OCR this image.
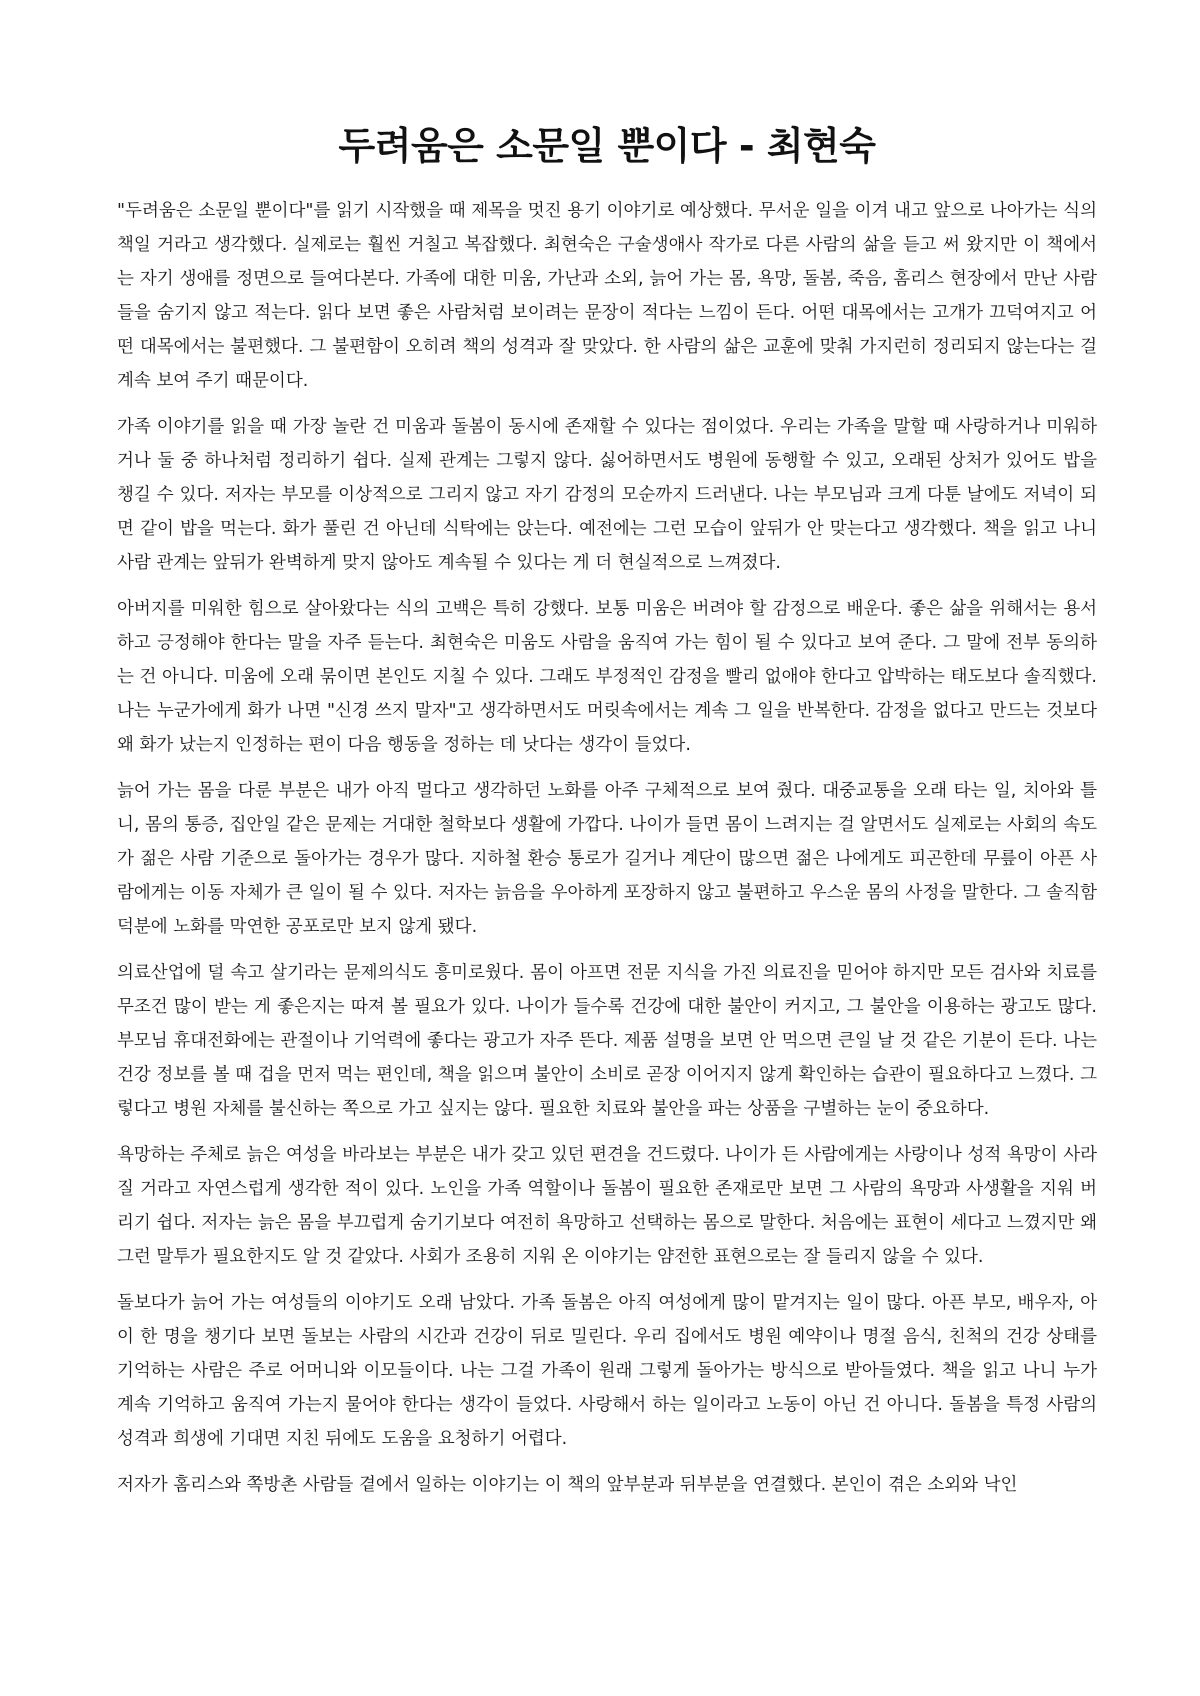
두려움은 소문일 뿐이다 - 최현숙

"두려움은 소문일 뿐이다"를 읽기 시작했을 때 제목을 멋진 용기 이야기로 예상했다. 무서운 일을 이겨 내고 앞으로 나아가는 식의 책일 거라고 생각했다. 실제로는 훨씬 거칠고 복잡했다. 최현숙은 구술생애사 작가로 다른 사람의 삶을 듣고 써 왔지만 이 책에서는 자기 생애를 정면으로 들여다본다. 가족에 대한 미움, 가난과 소외, 늙어 가는 몸, 욕망, 돌봄, 죽음, 홈리스 현장에서 만난 사람들을 숨기지 않고 적는다. 읽다 보면 좋은 사람처럼 보이려는 문장이 적다는 느낌이 든다. 어떤 대목에서는 고개가 끄덕여지고 어떤 대목에서는 불편했다. 그 불편함이 오히려 책의 성격과 잘 맞았다. 한 사람의 삶은 교훈에 맞춰 가지런히 정리되지 않는다는 걸 계속 보여 주기 때문이다.

가족 이야기를 읽을 때 가장 놀란 건 미움과 돌봄이 동시에 존재할 수 있다는 점이었다. 우리는 가족을 말할 때 사랑하거나 미워하거나 둘 중 하나처럼 정리하기 쉽다. 실제 관계는 그렇지 않다. 싫어하면서도 병원에 동행할 수 있고, 오래된 상처가 있어도 밥을 챙길 수 있다. 저자는 부모를 이상적으로 그리지 않고 자기 감정의 모순까지 드러낸다. 나는 부모님과 크게 다툰 날에도 저녁이 되면 같이 밥을 먹는다. 화가 풀린 건 아닌데 식탁에는 앉는다. 예전에는 그런 모습이 앞뒤가 안 맞는다고 생각했다. 책을 읽고 나니 사람 관계는 앞뒤가 완벽하게 맞지 않아도 계속될 수 있다는 게 더 현실적으로 느껴졌다.

아버지를 미워한 힘으로 살아왔다는 식의 고백은 특히 강했다. 보통 미움은 버려야 할 감정으로 배운다. 좋은 삶을 위해서는 용서하고 긍정해야 한다는 말을 자주 듣는다. 최현숙은 미움도 사람을 움직여 가는 힘이 될 수 있다고 보여 준다. 그 말에 전부 동의하는 건 아니다. 미움에 오래 묶이면 본인도 지칠 수 있다. 그래도 부정적인 감정을 빨리 없애야 한다고 압박하는 태도보다 솔직했다. 나는 누군가에게 화가 나면 "신경 쓰지 말자"고 생각하면서도 머릿속에서는 계속 그 일을 반복한다. 감정을 없다고 만드는 것보다 왜 화가 났는지 인정하는 편이 다음 행동을 정하는 데 낫다는 생각이 들었다.

늙어 가는 몸을 다룬 부분은 내가 아직 멀다고 생각하던 노화를 아주 구체적으로 보여 줬다. 대중교통을 오래 타는 일, 치아와 틀니, 몸의 통증, 집안일 같은 문제는 거대한 철학보다 생활에 가깝다. 나이가 들면 몸이 느려지는 걸 알면서도 실제로는 사회의 속도가 젊은 사람 기준으로 돌아가는 경우가 많다. 지하철 환승 통로가 길거나 계단이 많으면 젊은 나에게도 피곤한데 무릎이 아픈 사람에게는 이동 자체가 큰 일이 될 수 있다. 저자는 늙음을 우아하게 포장하지 않고 불편하고 우스운 몸의 사정을 말한다. 그 솔직함 덕분에 노화를 막연한 공포로만 보지 않게 됐다.

의료산업에 덜 속고 살기라는 문제의식도 흥미로웠다. 몸이 아프면 전문 지식을 가진 의료진을 믿어야 하지만 모든 검사와 치료를 무조건 많이 받는 게 좋은지는 따져 볼 필요가 있다. 나이가 들수록 건강에 대한 불안이 커지고, 그 불안을 이용하는 광고도 많다. 부모님 휴대전화에는 관절이나 기억력에 좋다는 광고가 자주 뜬다. 제품 설명을 보면 안 먹으면 큰일 날 것 같은 기분이 든다. 나는 건강 정보를 볼 때 겁을 먼저 먹는 편인데, 책을 읽으며 불안이 소비로 곧장 이어지지 않게 확인하는 습관이 필요하다고 느꼈다. 그렇다고 병원 자체를 불신하는 쪽으로 가고 싶지는 않다. 필요한 치료와 불안을 파는 상품을 구별하는 눈이 중요하다.

욕망하는 주체로 늙은 여성을 바라보는 부분은 내가 갖고 있던 편견을 건드렸다. 나이가 든 사람에게는 사랑이나 성적 욕망이 사라질 거라고 자연스럽게 생각한 적이 있다. 노인을 가족 역할이나 돌봄이 필요한 존재로만 보면 그 사람의 욕망과 사생활을 지워 버리기 쉽다. 저자는 늙은 몸을 부끄럽게 숨기기보다 여전히 욕망하고 선택하는 몸으로 말한다. 처음에는 표현이 세다고 느꼈지만 왜 그런 말투가 필요한지도 알 것 같았다. 사회가 조용히 지워 온 이야기는 얌전한 표현으로는 잘 들리지 않을 수 있다.

돌보다가 늙어 가는 여성들의 이야기도 오래 남았다. 가족 돌봄은 아직 여성에게 많이 맡겨지는 일이 많다. 아픈 부모, 배우자, 아이 한 명을 챙기다 보면 돌보는 사람의 시간과 건강이 뒤로 밀린다. 우리 집에서도 병원 예약이나 명절 음식, 친척의 건강 상태를 기억하는 사람은 주로 어머니와 이모들이다. 나는 그걸 가족이 원래 그렇게 돌아가는 방식으로 받아들였다. 책을 읽고 나니 누가 계속 기억하고 움직여 가는지 물어야 한다는 생각이 들었다. 사랑해서 하는 일이라고 노동이 아닌 건 아니다. 돌봄을 특정 사람의 성격과 희생에 기대면 지친 뒤에도 도움을 요청하기 어렵다.

저자가 홈리스와 쪽방촌 사람들 곁에서 일하는 이야기는 이 책의 앞부분과 뒤부분을 연결했다. 본인이 겪은 소외와 낙인
